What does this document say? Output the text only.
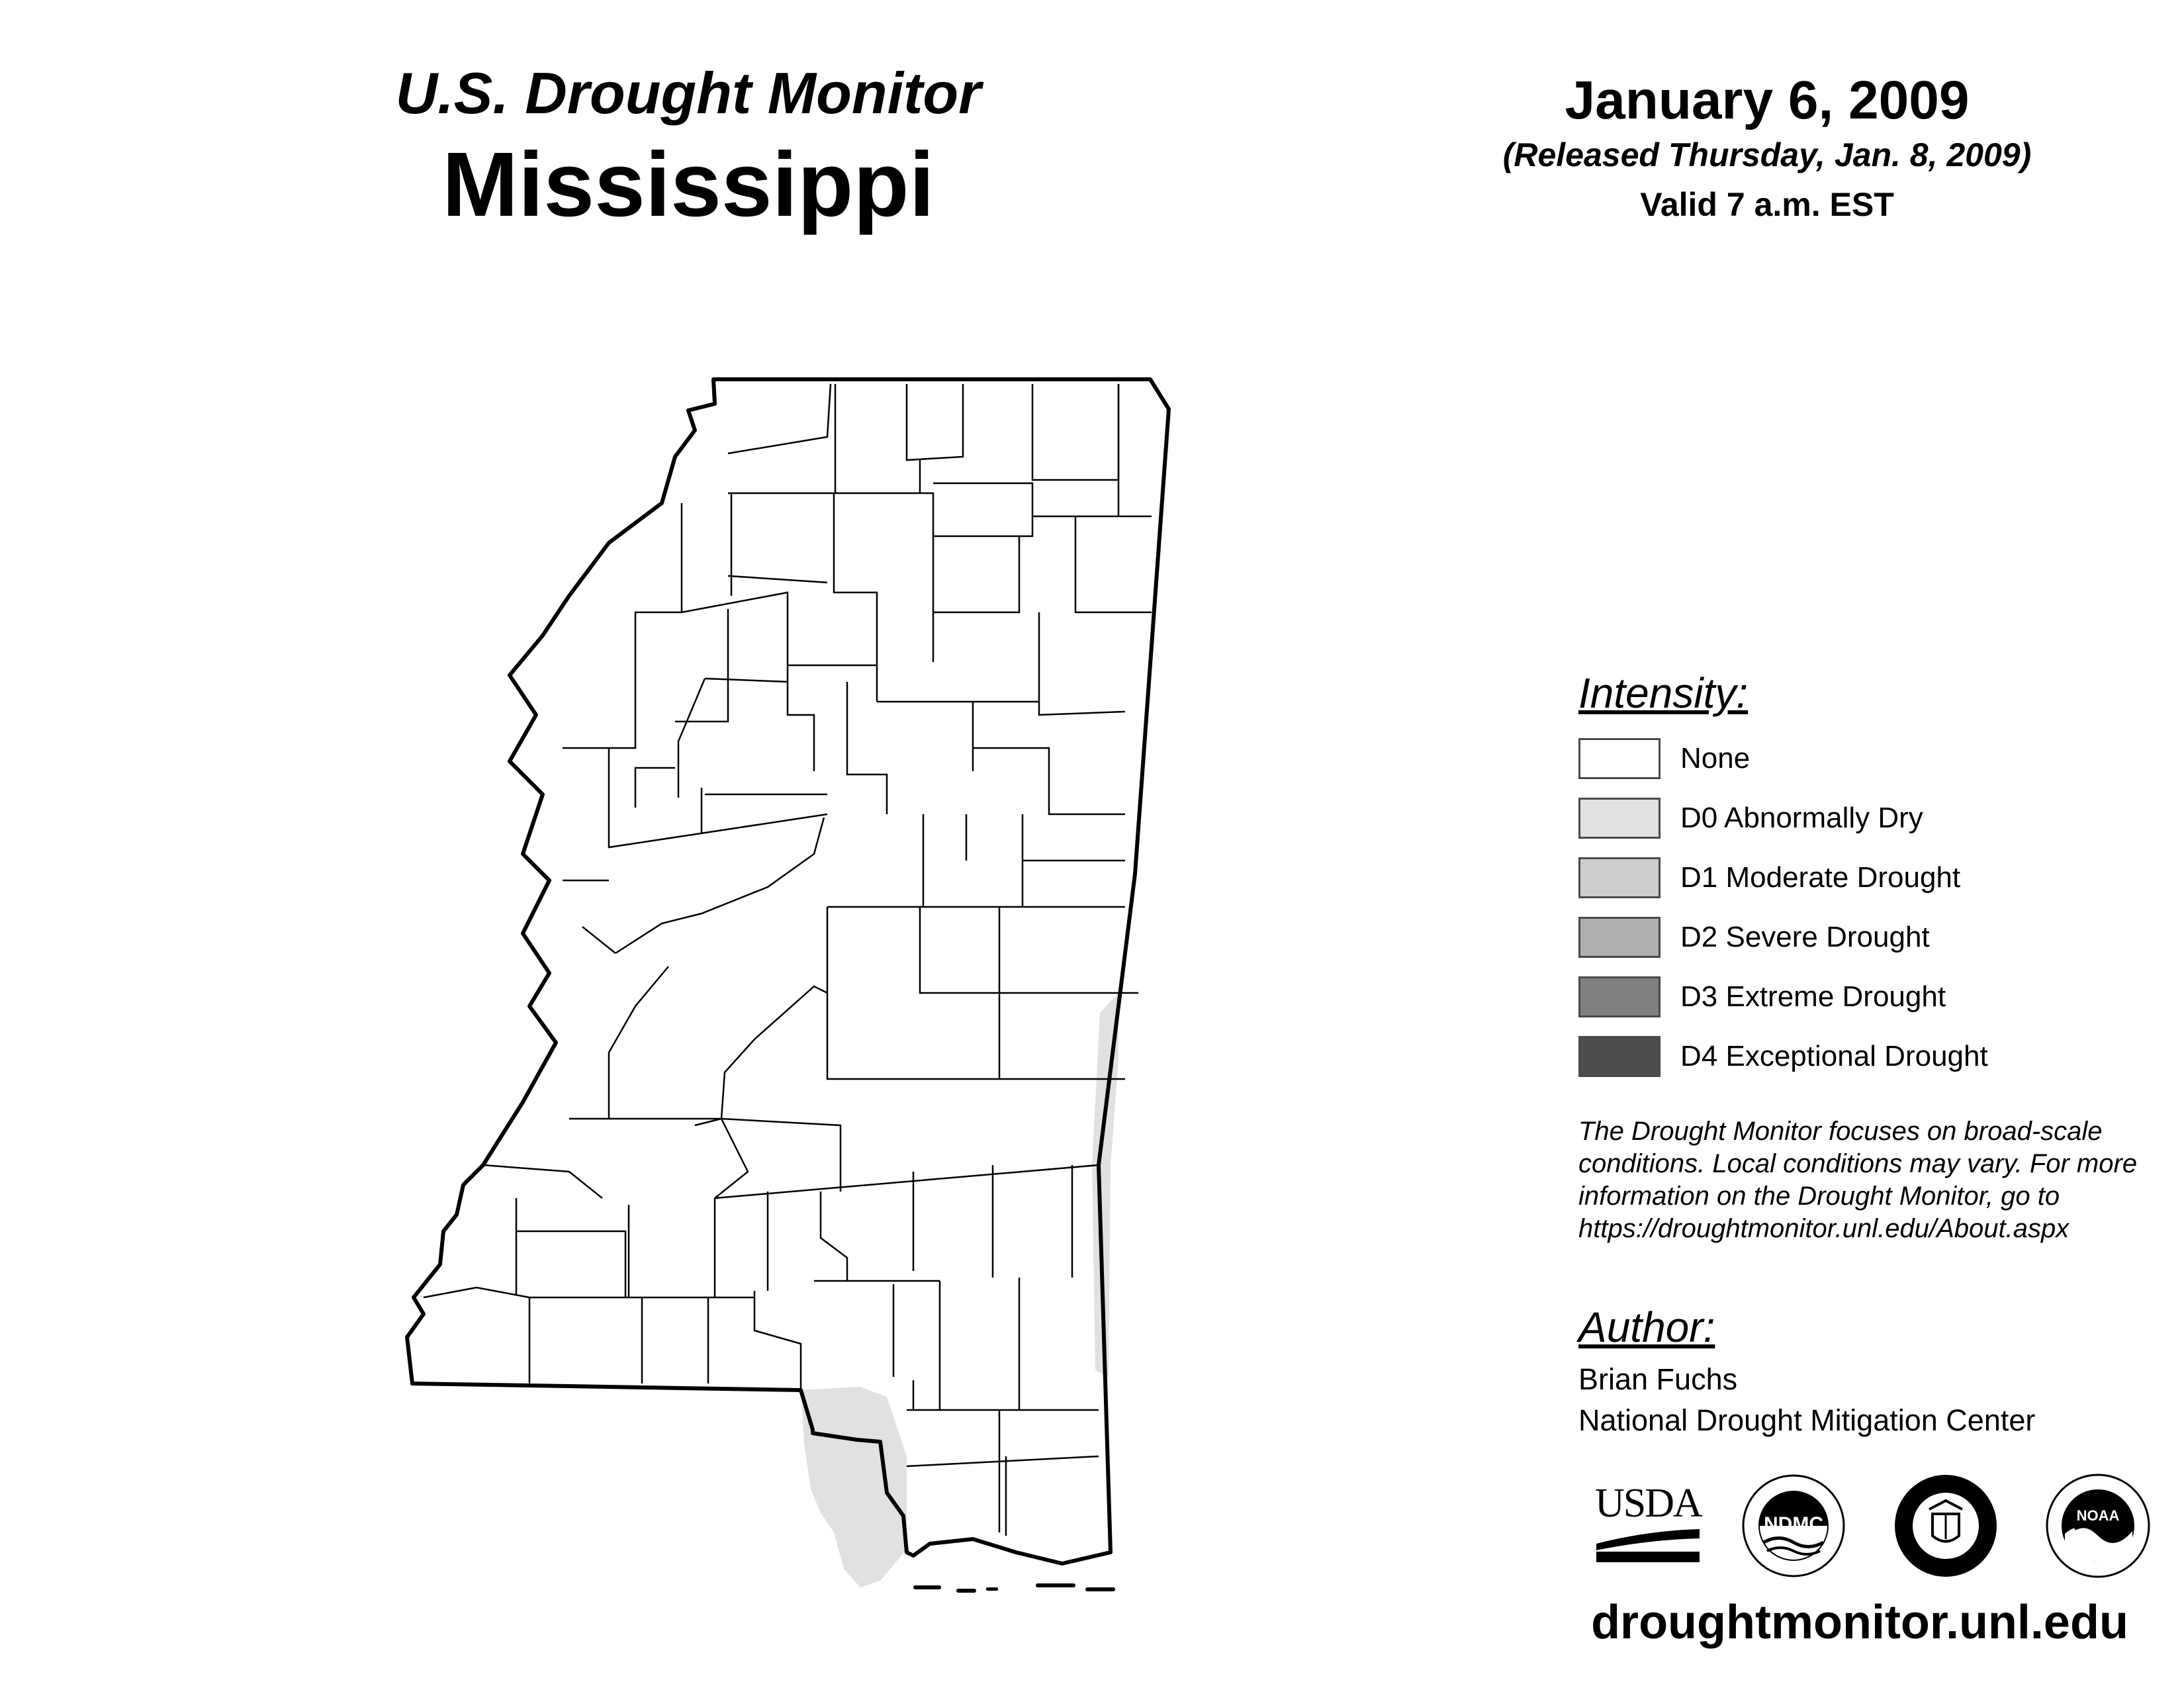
U.S. Drought Monitor
Mississippi
January 6, 2009
(Released Thursday, Jan. 8, 2009)
Valid 7 a.m. EST
Intensity:
None
D0 Abnormally Dry
D1 Moderate Drought
D2 Severe Drought
D3 Extreme Drought
D4 Exceptional Drought
The Drought Monitor focuses on broad-scale
conditions. Local conditions may vary. For more
information on the Drought Monitor, go to
https://droughtmonitor.unl.edu/About.aspx
Author:
Brian Fuchs
National Drought Mitigation Center
USDA	NDMC	NOAA
droughtmonitor.unl.edu
